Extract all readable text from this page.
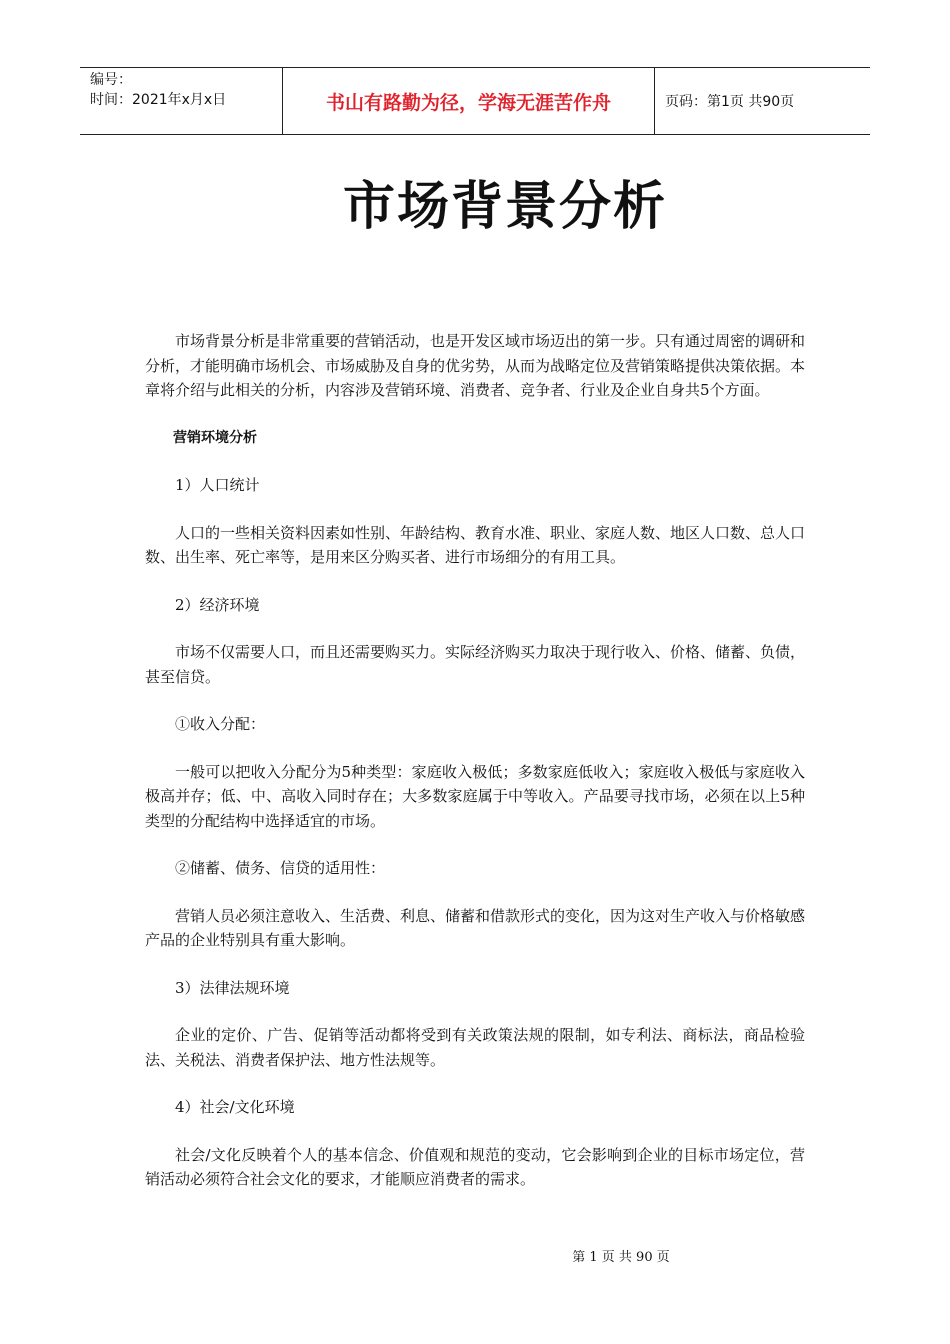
编号：
时间：2021年x月x日	书山有路勤为径，学海无涯苦作舟	页码：第1页 共90页
市场背景分析

市场背景分析是非常重要的营销活动，也是开发区域市场迈出的第一步。只有通过周密的调研和分析，才能明确市场机会、市场威胁及自身的优劣势，从而为战略定位及营销策略提供决策依据。本章将介绍与此相关的分析，内容涉及营销环境、消费者、竞争者、行业及企业自身共5个方面。

营销环境分析

1）人口统计

人口的一些相关资料因素如性别、年龄结构、教育水准、职业、家庭人数、地区人口数、总人口数、出生率、死亡率等，是用来区分购买者、进行市场细分的有用工具。

2）经济环境

市场不仅需要人口，而且还需要购买力。实际经济购买力取决于现行收入、价格、储蓄、负债，甚至信贷。

①收入分配：

一般可以把收入分配分为5种类型：家庭收入极低；多数家庭低收入；家庭收入极低与家庭收入极高并存；低、中、高收入同时存在；大多数家庭属于中等收入。产品要寻找市场，必须在以上5种类型的分配结构中选择适宜的市场。

②储蓄、债务、信贷的适用性：

营销人员必须注意收入、生活费、利息、储蓄和借款形式的变化，因为这对生产收入与价格敏感产品的企业特别具有重大影响。

3）法律法规环境

企业的定价、广告、促销等活动都将受到有关政策法规的限制，如专利法、商标法，商品检验法、关税法、消费者保护法、地方性法规等。

4）社会/文化环境

社会/文化反映着个人的基本信念、价值观和规范的变动，它会影响到企业的目标市场定位，营销活动必须符合社会文化的要求，才能顺应消费者的需求。

第 1 页 共 90 页
